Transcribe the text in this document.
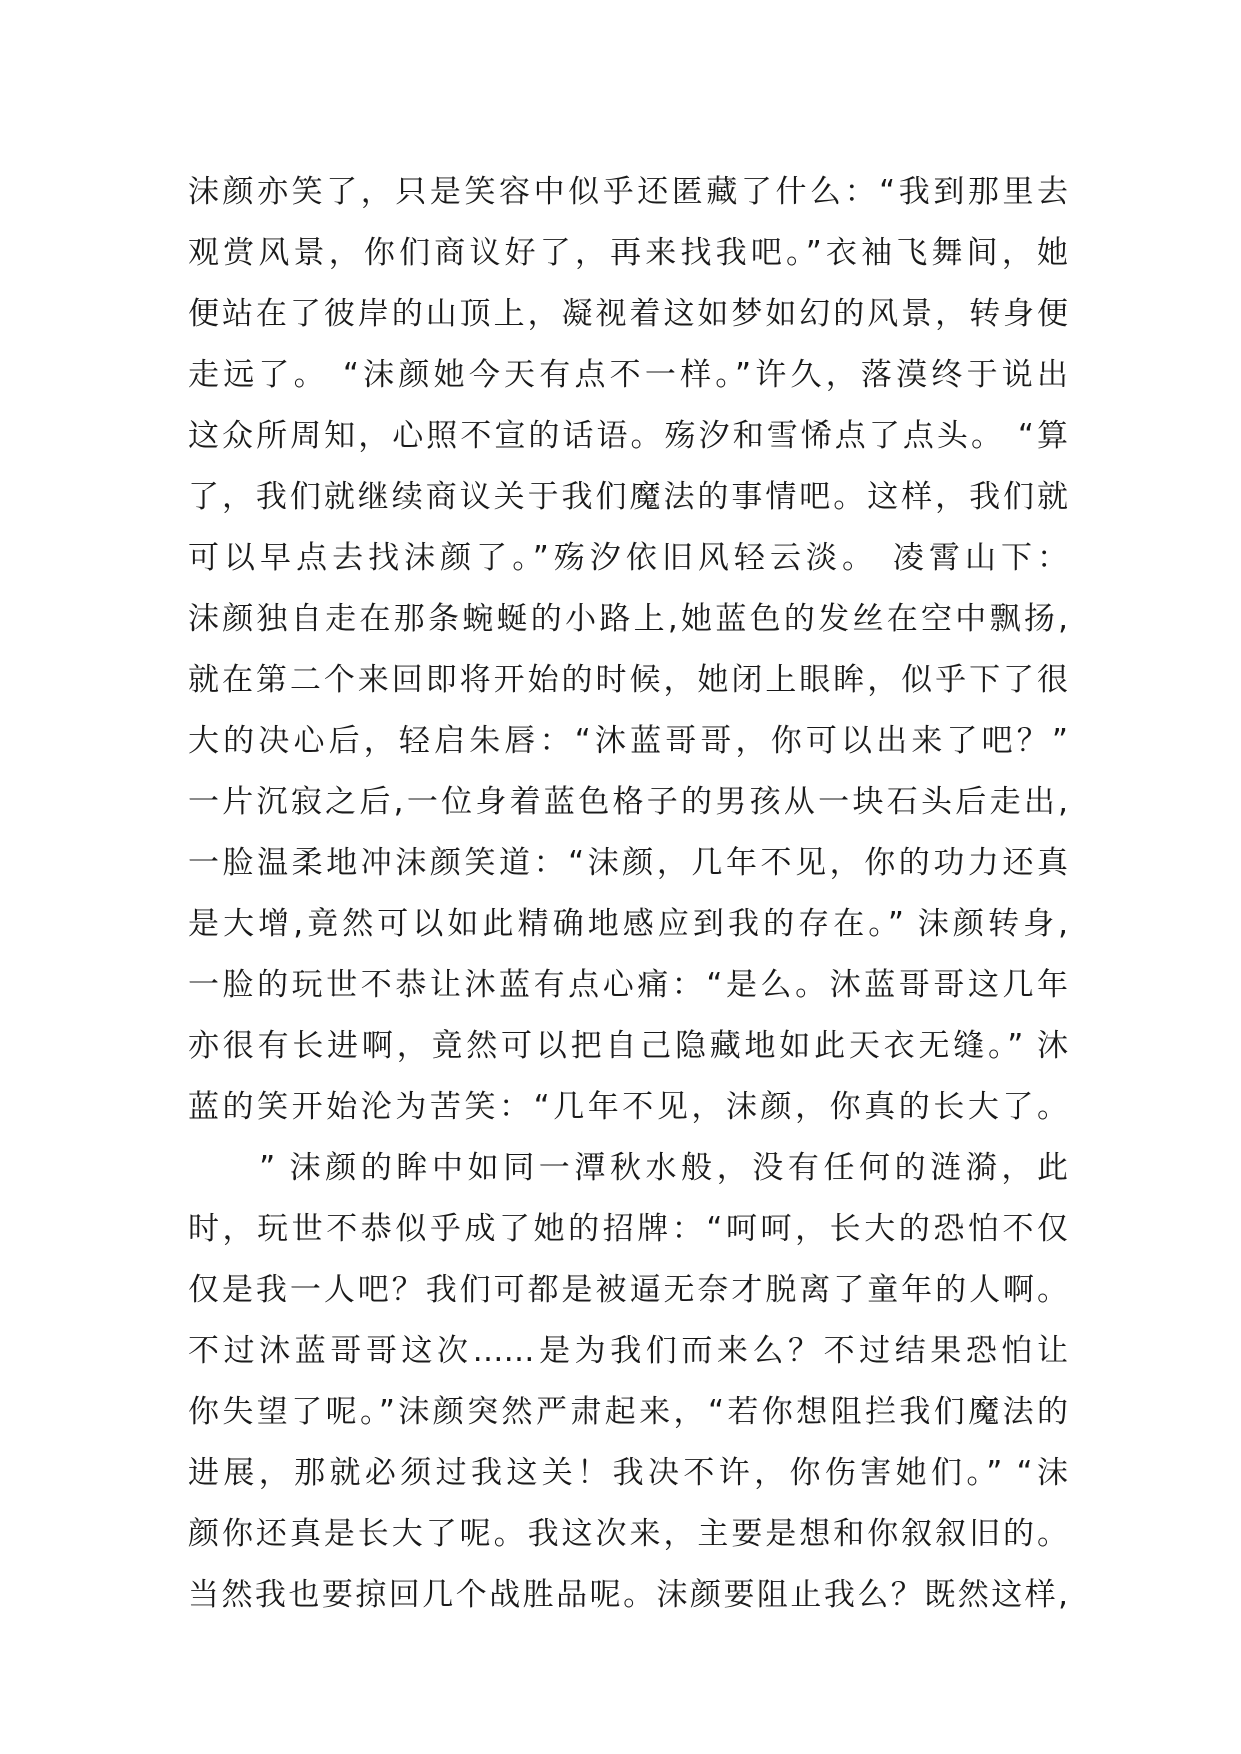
沫颜亦笑了，只是笑容中似乎还匿藏了什么：“我到那里去
观赏风景，你们商议好了，再来找我吧。”衣袖飞舞间，她
便站在了彼岸的山顶上，凝视着这如梦如幻的风景，转身便
走远了。 “沫颜她今天有点不一样。”许久，落漠终于说出
这众所周知，心照不宣的话语。殇汐和雪悕点了点头。 “算
了，我们就继续商议关于我们魔法的事情吧。这样，我们就
可以早点去找沫颜了。”殇汐依旧风轻云淡。 凌霄山下：
沫颜独自走在那条蜿蜒的小路上,她蓝色的发丝在空中飘扬,
就在第二个来回即将开始的时候，她闭上眼眸，似乎下了很
大的决心后，轻启朱唇：“沐蓝哥哥，你可以出来了吧？”
一片沉寂之后,一位身着蓝色格子的男孩从一块石头后走出,
一脸温柔地冲沫颜笑道：“沫颜，几年不见，你的功力还真
是大增,竟然可以如此精确地感应到我的存在。” 沫颜转身,
一脸的玩世不恭让沐蓝有点心痛：“是么。沐蓝哥哥这几年
亦很有长进啊，竟然可以把自己隐藏地如此天衣无缝。” 沐
蓝的笑开始沦为苦笑：“几年不见，沫颜，你真的长大了。
　　” 沫颜的眸中如同一潭秋水般，没有任何的涟漪，此
时，玩世不恭似乎成了她的招牌：“呵呵，长大的恐怕不仅
仅是我一人吧？我们可都是被逼无奈才脱离了童年的人啊。
不过沐蓝哥哥这次……是为我们而来么？不过结果恐怕让
你失望了呢。”沫颜突然严肃起来，“若你想阻拦我们魔法的
进展，那就必须过我这关！我决不许，你伤害她们。” “沫
颜你还真是长大了呢。我这次来，主要是想和你叙叙旧的。
当然我也要掠回几个战胜品呢。沫颜要阻止我么？既然这样,
